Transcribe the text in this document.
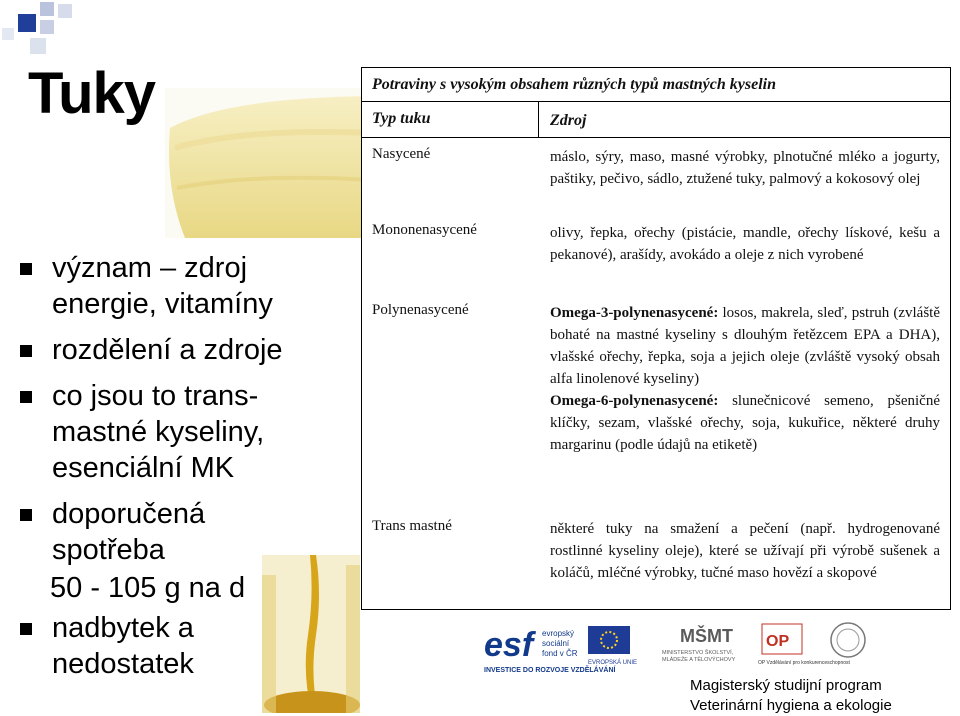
Tuky
význam – zdroj
energie, vitamíny
rozdělení a zdroje
co jsou to trans-
mastné kyseliny,
esenciální MK
doporučená
spotřeba
50 - 105 g na d
nadbytek a
nedostatek
Potraviny s vysokým obsahem různých typů mastných kyselin
Typ tuku	Zdroj
Nasycené	máslo, sýry, maso, masné výrobky, plnotučné mléko a jogurty, paštiky, pečivo, sádlo, ztužené tuky, palmový a kokosový olej
Mononenasycené	olivy, řepka, ořechy (pistácie, mandle, ořechy lískové, kešu a pekanové), arašídy, avokádo a oleje z nich vyrobené
Polynenasycené	Omega-3-polynenasycené: losos, makrela, sleď, pstruh (zvláště bohaté na mastné kyseliny s dlouhým řetězcem EPA a DHA), vlašské ořechy, řepka, soja a jejich oleje (zvláště vysoký obsah alfa linolenové kyseliny)
Omega-6-polynenasycené: slunečnicové semeno, pšeničné klíčky, sezam, vlašské ořechy, soja, kukuřice, některé druhy margarinu (podle údajů na etiketě)
Trans mastné	některé tuky na smažení a pečení (např. hydrogenované rostlinné kyseliny oleje), které se užívají při výrobě sušenek a koláčů, mléčné výrobky, tučné maso hovězí a skopové
esf	evropský
sociální
fond v ČR
EVROPSKÁ UNIE
MŠMT
MINISTERSTVO ŠKOLSTVÍ,
MLÁDEŽE A TĚLOVÝCHOVY
OP
OP Vzdělávání pro konkurenceschopnost
INVESTICE DO ROZVOJE VZDĚLÁVÁNÍ
Magisterský studijní program
Veterinární hygiena a ekologie
